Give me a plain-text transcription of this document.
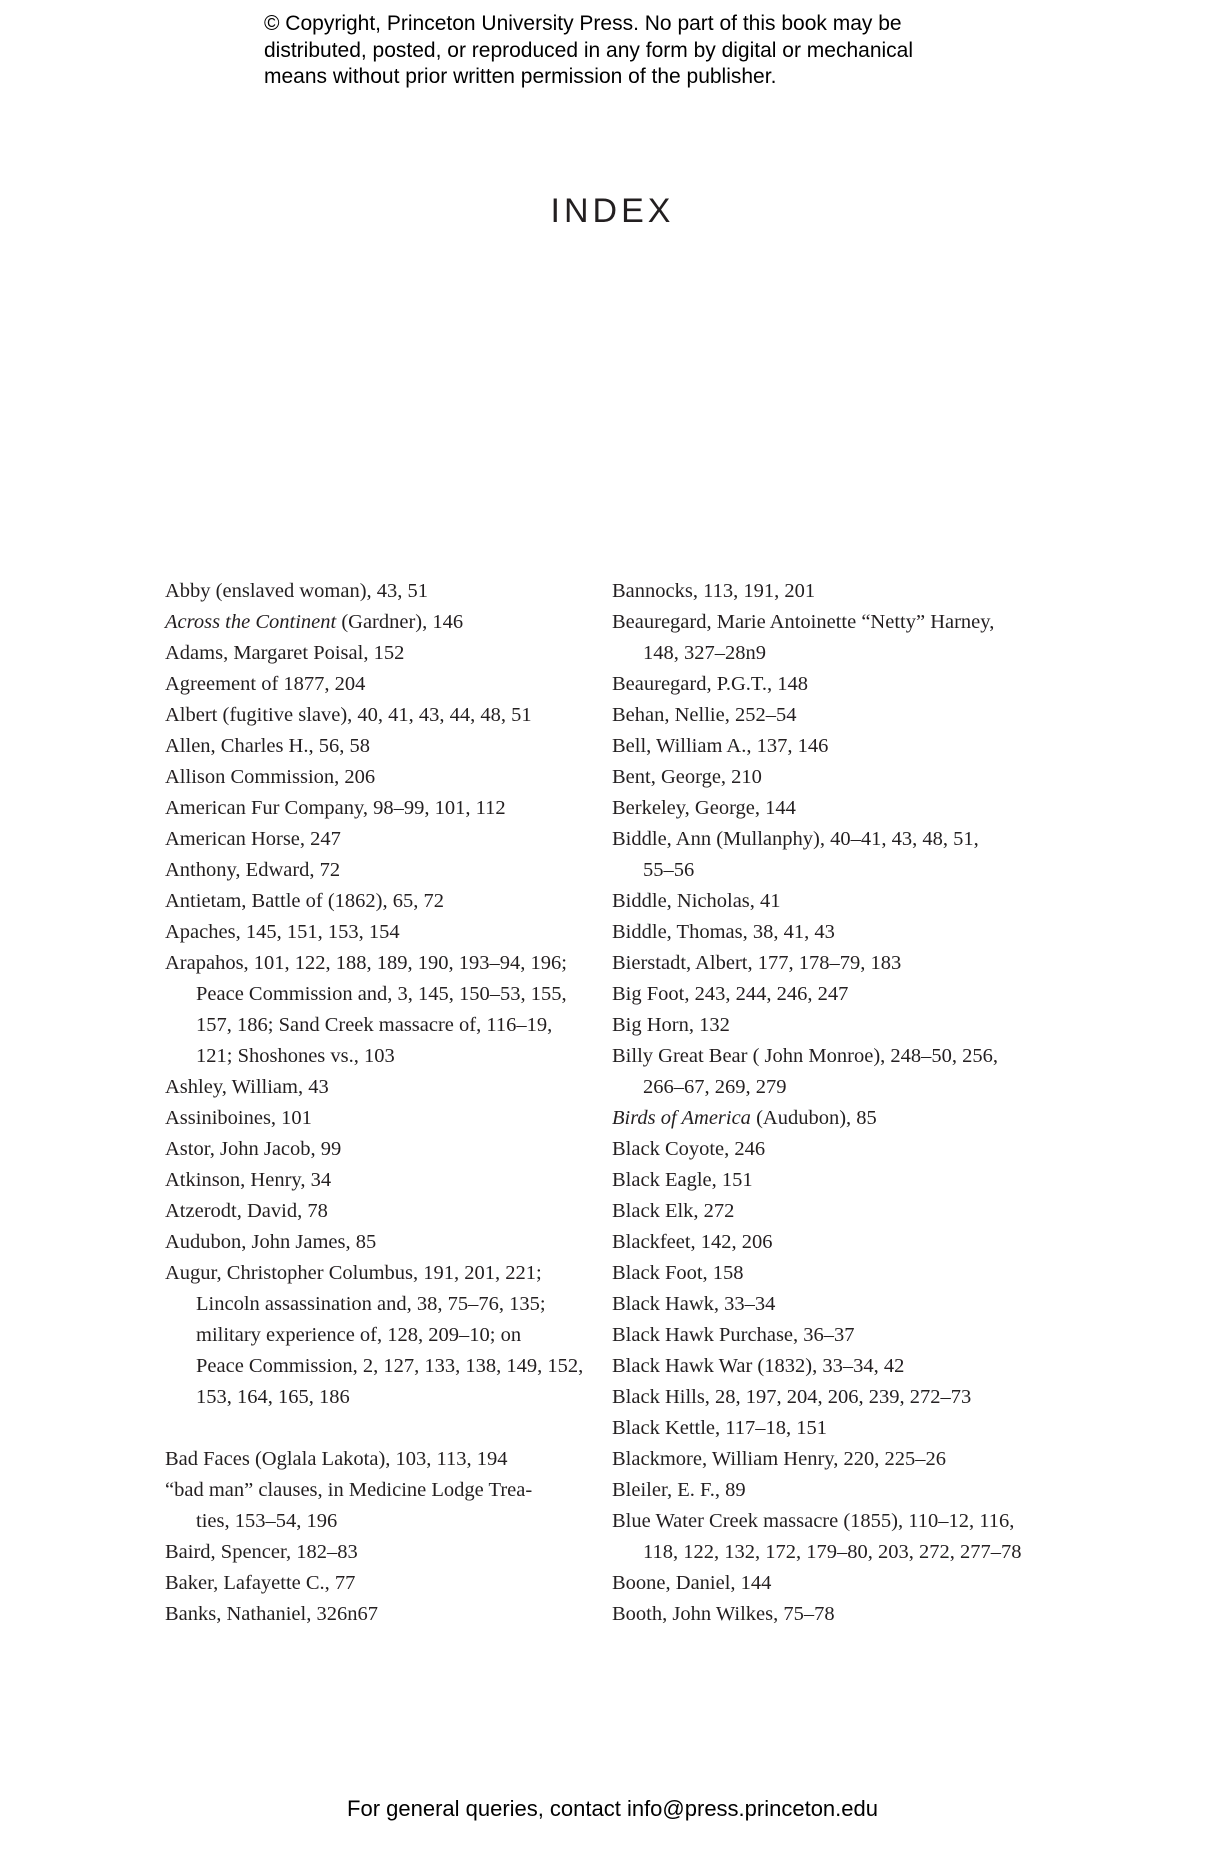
© Copyright, Princeton University Press. No part of this book may be
distributed, posted, or reproduced in any form by digital or mechanical
means without prior written permission of the publisher.
INDEX
Abby (enslaved woman), 43, 51
Across the Continent (Gardner), 146
Adams, Margaret Poisal, 152
Agreement of 1877, 204
Albert (fugitive slave), 40, 41, 43, 44, 48, 51
Allen, Charles H., 56, 58
Allison Commission, 206
American Fur Company, 98–99, 101, 112
American Horse, 247
Anthony, Edward, 72
Antietam, Battle of (1862), 65, 72
Apaches, 145, 151, 153, 154
Arapahos, 101, 122, 188, 189, 190, 193–94, 196;
Peace Commission and, 3, 145, 150–53, 155,
157, 186; Sand Creek massacre of, 116–19,
121; Shoshones vs., 103
Ashley, William, 43
Assiniboines, 101
Astor, John Jacob, 99
Atkinson, Henry, 34
Atzerodt, David, 78
Audubon, John James, 85
Augur, Christopher Columbus, 191, 201, 221;
Lincoln assassination and, 38, 75–76, 135;
military experience of, 128, 209–10; on
Peace Commission, 2, 127, 133, 138, 149, 152,
153, 164, 165, 186
Bad Faces (Oglala Lakota), 103, 113, 194
“bad man” clauses, in Medicine Lodge Trea-
ties, 153–54, 196
Baird, Spencer, 182–83
Baker, Lafayette C., 77
Banks, Nathaniel, 326n67
Bannocks, 113, 191, 201
Beauregard, Marie Antoinette “Netty” Harney,
148, 327–28n9
Beauregard, P.G.T., 148
Behan, Nellie, 252–54
Bell, William A., 137, 146
Bent, George, 210
Berkeley, George, 144
Biddle, Ann (Mullanphy), 40–41, 43, 48, 51,
55–56
Biddle, Nicholas, 41
Biddle, Thomas, 38, 41, 43
Bierstadt, Albert, 177, 178–79, 183
Big Foot, 243, 244, 246, 247
Big Horn, 132
Billy Great Bear ( John Monroe), 248–50, 256,
266–67, 269, 279
Birds of America (Audubon), 85
Black Coyote, 246
Black Eagle, 151
Black Elk, 272
Blackfeet, 142, 206
Black Foot, 158
Black Hawk, 33–34
Black Hawk Purchase, 36–37
Black Hawk War (1832), 33–34, 42
Black Hills, 28, 197, 204, 206, 239, 272–73
Black Kettle, 117–18, 151
Blackmore, William Henry, 220, 225–26
Bleiler, E. F., 89
Blue Water Creek massacre (1855), 110–12, 116,
118, 122, 132, 172, 179–80, 203, 272, 277–78
Boone, Daniel, 144
Booth, John Wilkes, 75–78
For general queries, contact info@press.princeton.edu
